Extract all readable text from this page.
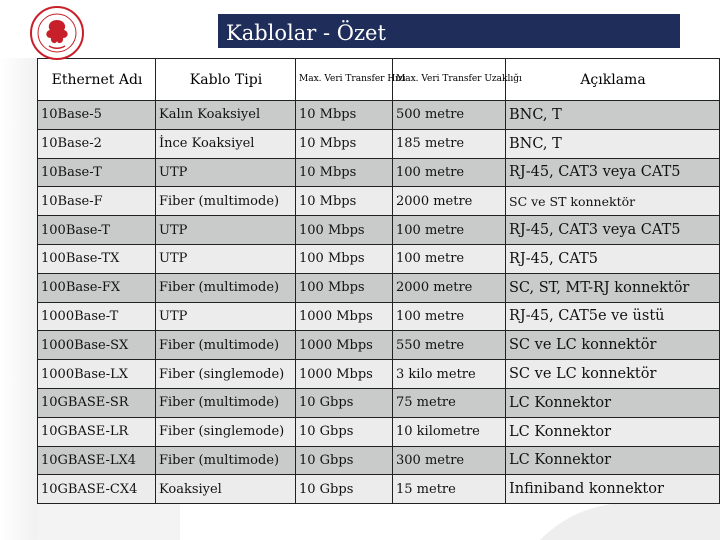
Kablolar - Özet
Ethernet Adı	Kablo Tipi	Max. Veri Transfer Hızı	Max. Veri Transfer Uzaklığı	Açıklama
10Base-5	Kalın Koaksiyel	10 Mbps	500 metre	BNC, T
10Base-2	İnce Koaksiyel	10 Mbps	185 metre	BNC, T
10Base-T	UTP	10 Mbps	100 metre	RJ-45, CAT3 veya CAT5
10Base-F	Fiber (multimode)	10 Mbps	2000 metre	SC ve ST konnektör
100Base-T	UTP	100 Mbps	100 metre	RJ-45, CAT3 veya CAT5
100Base-TX	UTP	100 Mbps	100 metre	RJ-45, CAT5
100Base-FX	Fiber (multimode)	100 Mbps	2000 metre	SC, ST, MT-RJ konnektör
1000Base-T	UTP	1000 Mbps	100 metre	RJ-45, CAT5e ve üstü
1000Base-SX	Fiber (multimode)	1000 Mbps	550 metre	SC ve LC konnektör
1000Base-LX	Fiber (singlemode)	1000 Mbps	3 kilo metre	SC ve LC konnektör
10GBASE-SR	Fiber (multimode)	10 Gbps	75 metre	LC Konnektor
10GBASE-LR	Fiber (singlemode)	10 Gbps	10 kilometre	LC Konnektor
10GBASE-LX4	Fiber (multimode)	10 Gbps	300 metre	LC Konnektor
10GBASE-CX4	Koaksiyel	10 Gbps	15 metre	Infiniband konnektor
